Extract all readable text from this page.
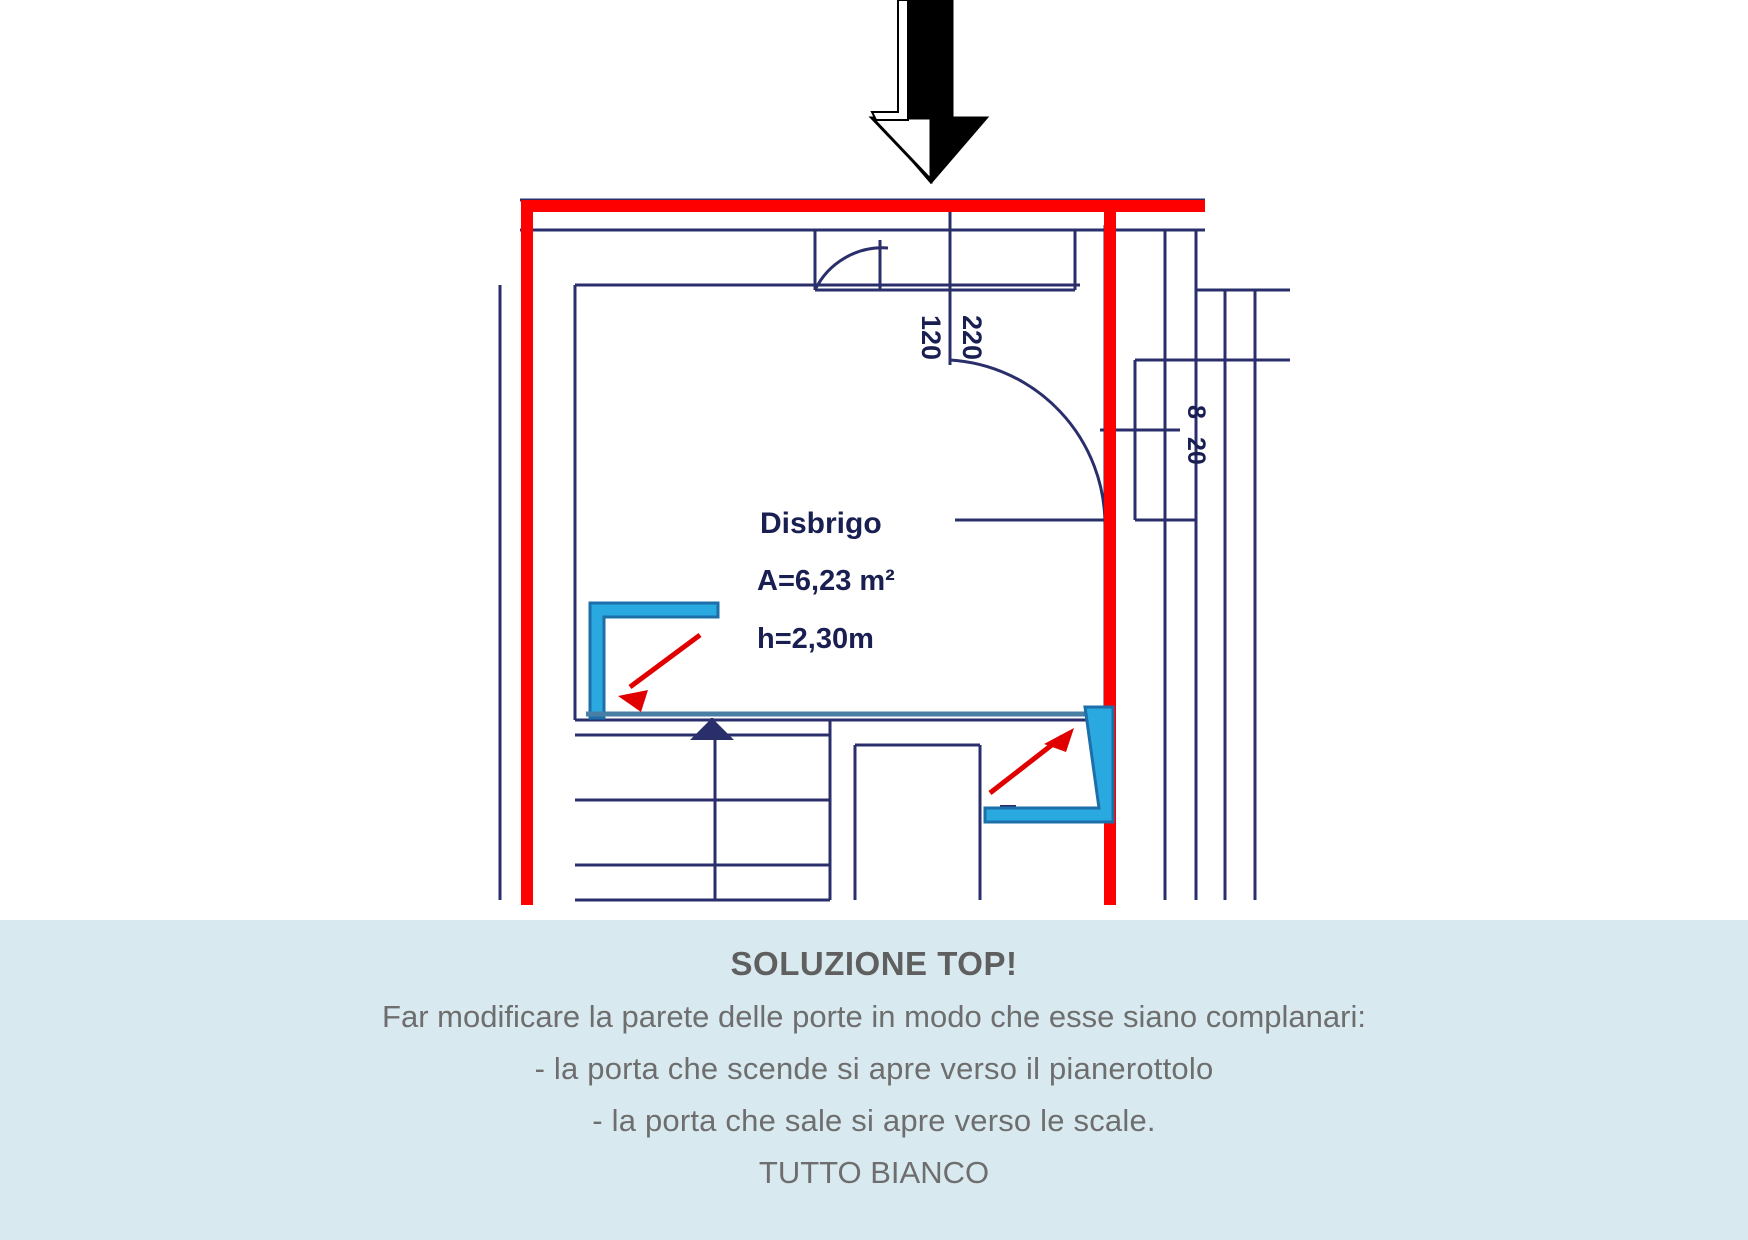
Disbrigo
A=6,23 m²
h=2,30m
120 220
8
20
SOLUZIONE TOP!
Far modificare la parete delle porte in modo che esse siano complanari:
- la porta che scende si apre verso il pianerottolo
- la porta che sale si apre verso le scale.
TUTTO BIANCO
